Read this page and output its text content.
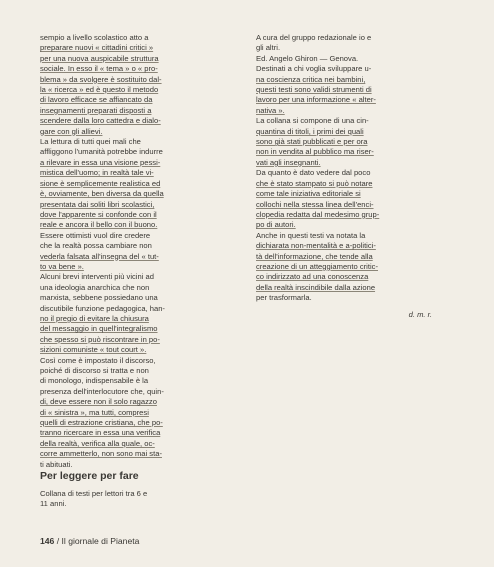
sempio a livello scolastico atto a
preparare nuovi « cittadini critici »
per una nuova auspicabile struttura
sociale. In esso il « tema » o « pro-
blema » da svolgere è sostituito dal-
la « ricerca » ed è questo il metodo
di lavoro efficace se affiancato da
insegnamenti preparati disposti a
scendere dalla loro cattedra e dialo-
gare con gli allievi.
La lettura di tutti quei mali che
affliggono l'umanità potrebbe indurre
a rilevare in essa una visione pessi-
mistica dell'uomo; in realtà tale vi-
sione è semplicemente realistica ed
è, ovviamente, ben diversa da quella
presentata dai soliti libri scolastici,
dove l'apparente si confonde con il
reale e ancora il bello con il buono.
Essere ottimisti vuol dire credere
che la realtà possa cambiare non
vederla falsata all'insegna del « tut-
to va bene ».
Alcuni brevi interventi più vicini ad
una ideologia anarchica che non
marxista, sebbene possiedano una
discutibile funzione pedagogica, han-
no il pregio di evitare la chiusura
del messaggio in quell'integralismo
che spesso si può riscontrare in po-
sizioni comuniste « tout court ».
Così come è impostato il discorso,
poiché di discorso si tratta e non
di monologo, indispensabile è la
presenza dell'interlocutore che, quin-
di, deve essere non il solo ragazzo
di « sinistra », ma tutti, compresi
quelli di estrazione cristiana, che po-
tranno ricercare in essa una verifica
della realtà, verifica alla quale, oc-
corre ammetterlo, non sono mai sta-
ti abituati.
A cura del gruppo redazionale io e
gli altri.
Ed. Angelo Ghiron — Genova.
Destinati a chi voglia sviluppare u-
na coscienza critica nei bambini,
questi testi sono validi strumenti di
lavoro per una informazione « alter-
nativa ».
La collana si compone di una cin-
quantina di titoli, i primi dei quali
sono già stati pubblicati e per ora
non in vendita al pubblico ma riser-
vati agli insegnanti.
Da quanto è dato vedere dal poco
che è stato stampato si può notare
come tale iniziativa editoriale si
collochi nella stessa linea dell'enci-
clopedia redatta dal medesimo grup-
po di autori.
Anche in questi testi va notata la
dichiarata non-mentalità e a-politici-
tà dell'informazione, che tende alla
creazione di un atteggiamento critic-
co indirizzato ad una conoscenza
della realtà inscindibile dalla azione
per trasformarla.
d. m. r.
Per leggere per fare
Collana di testi per lettori tra 6 e
11 anni.
146 / Il giornale di Pianeta
